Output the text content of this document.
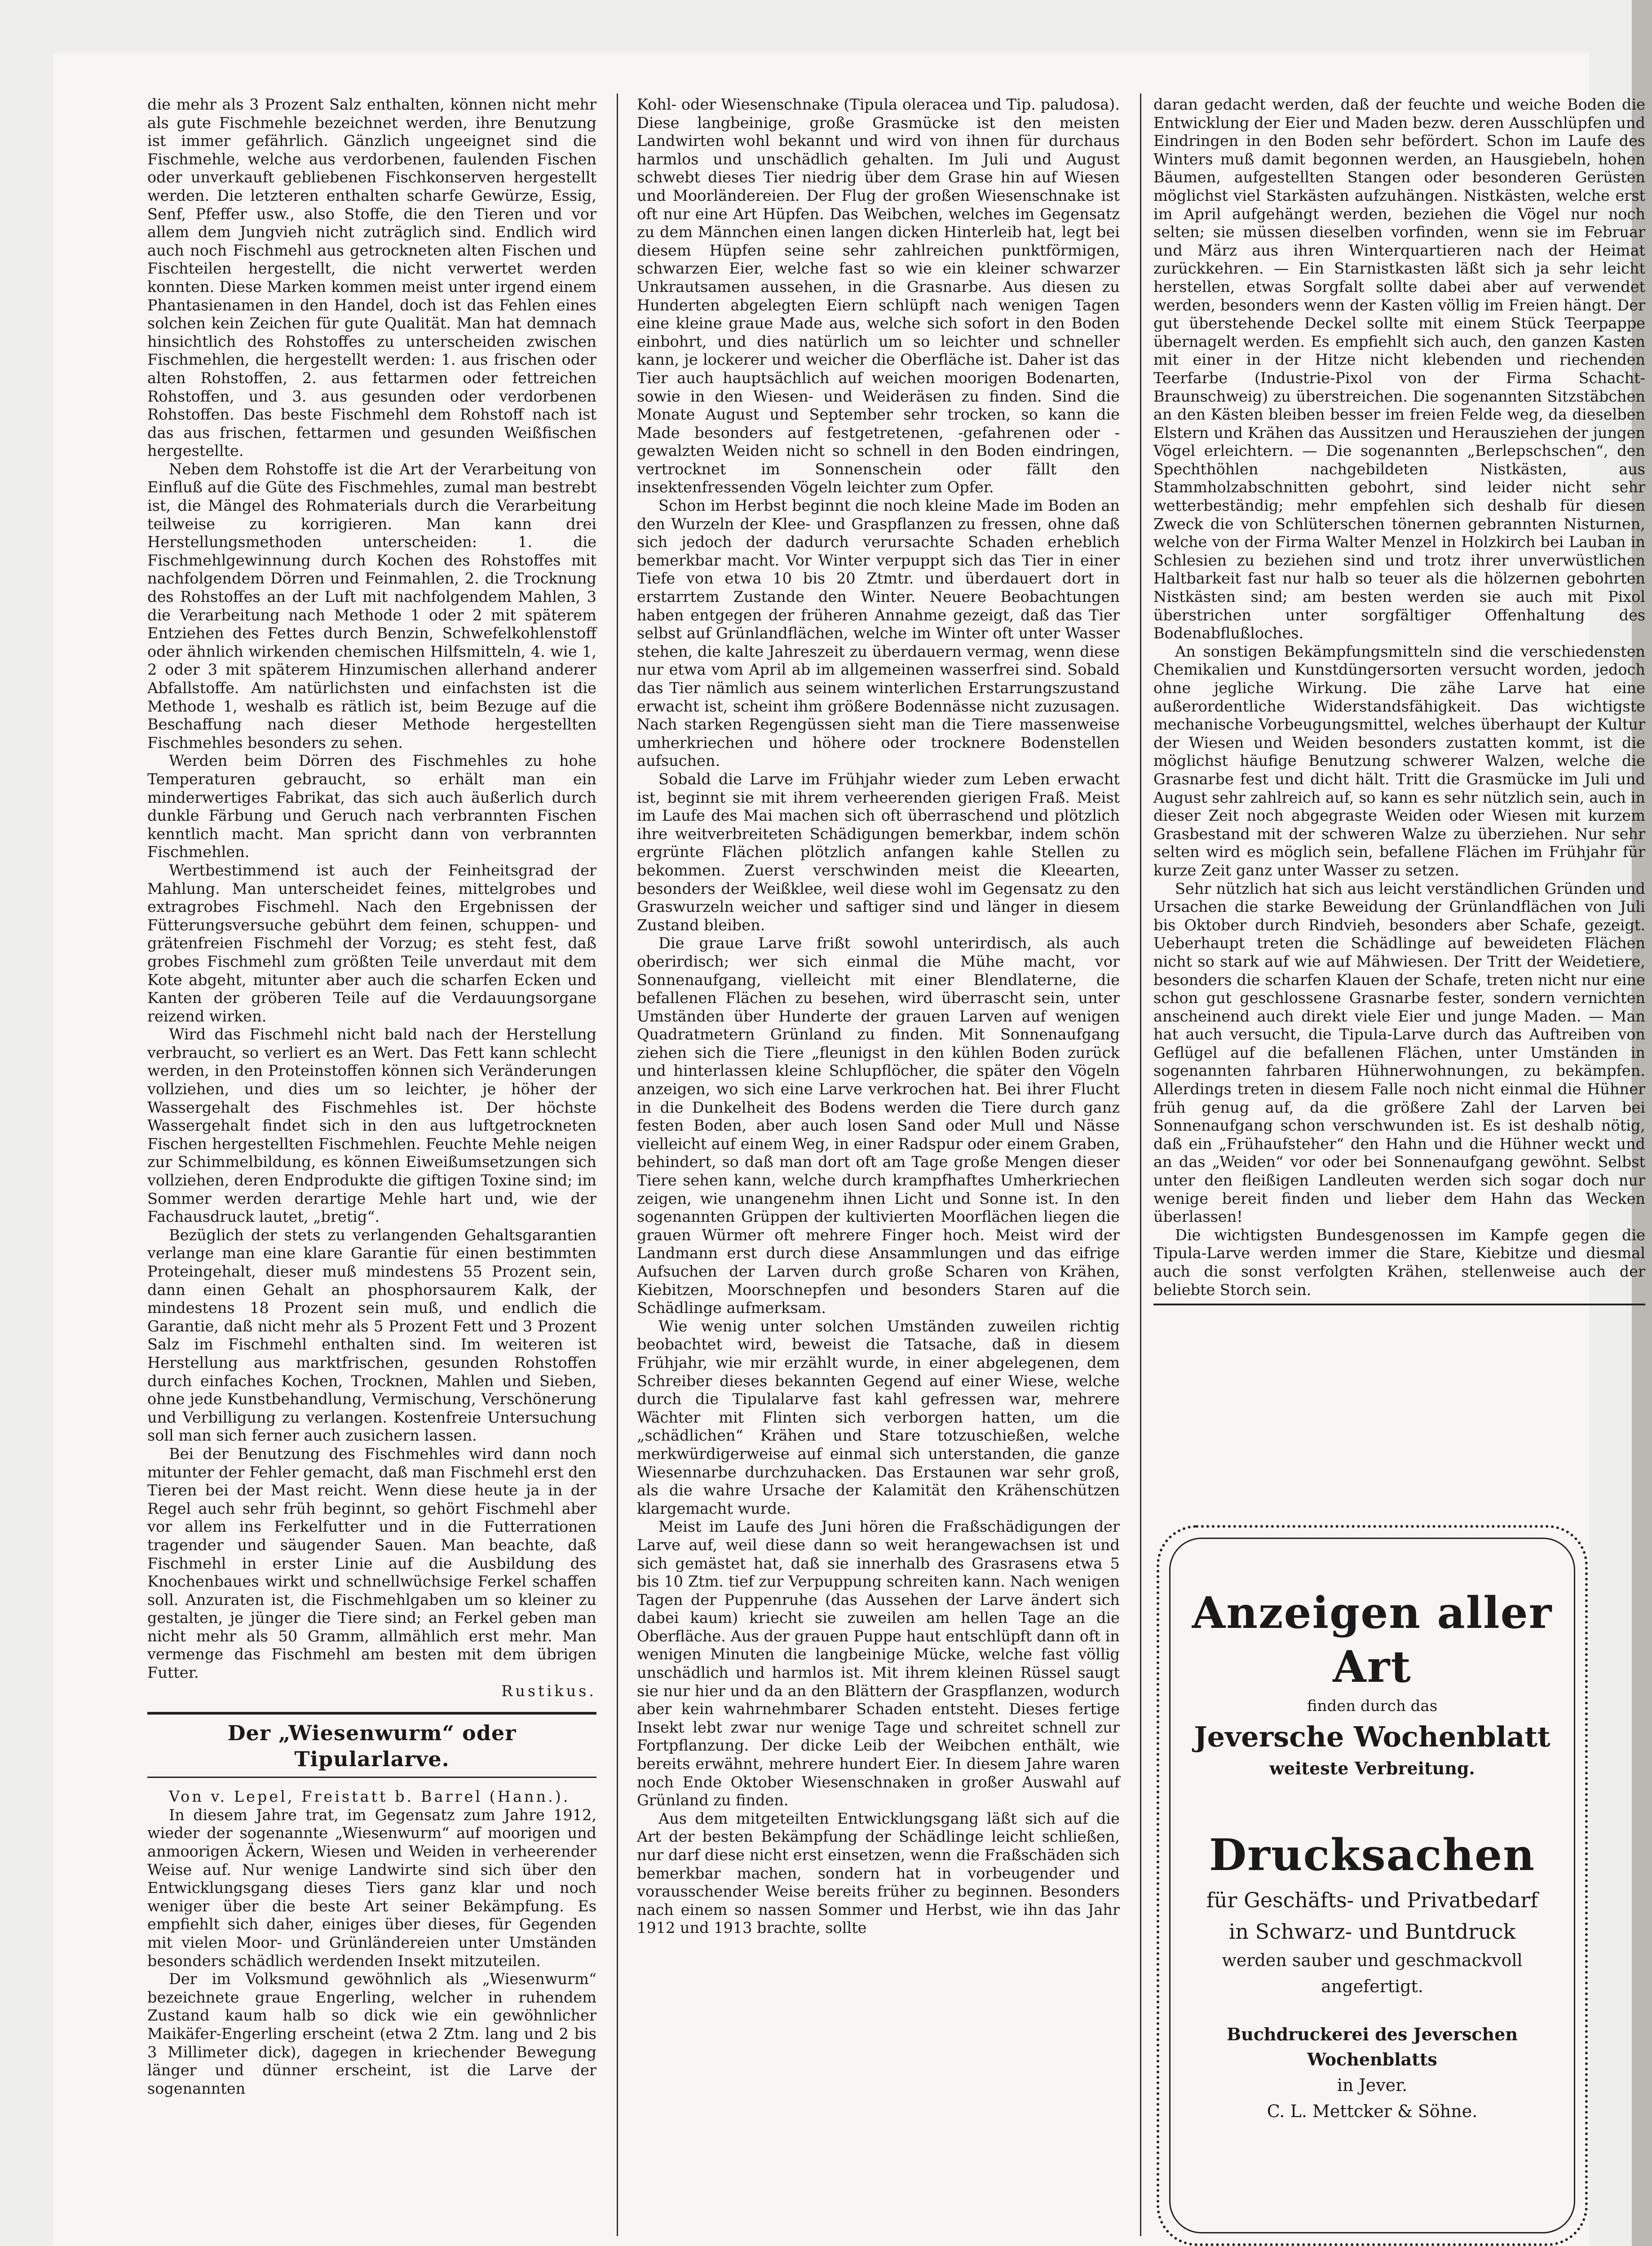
die mehr als 3 Prozent Salz enthalten, können nicht mehr als gute Fischmehle bezeichnet werden, ihre Benutzung ist immer gefährlich. Gänzlich ungeeignet sind die Fischmehle, welche aus verdorbenen, faulenden Fischen oder unverkauft gebliebenen Fischkonserven hergestellt werden. Die letzteren enthalten scharfe Gewürze, Essig, Senf, Pfeffer usw., also Stoffe, die den Tieren und vor allem dem Jungvieh nicht zuträglich sind. Endlich wird auch noch Fischmehl aus getrockneten alten Fischen und Fischteilen hergestellt, die nicht verwertet werden konnten. Diese Marken kommen meist unter irgend einem Phantasienamen in den Handel, doch ist das Fehlen eines solchen kein Zeichen für gute Qualität. Man hat demnach hinsichtlich des Rohstoffes zu unterscheiden zwischen Fischmehlen, die hergestellt werden: 1. aus frischen oder alten Rohstoffen, 2. aus fettarmen oder fettreichen Rohstoffen, und 3. aus gesunden oder verdorbenen Rohstoffen. Das beste Fischmehl dem Rohstoff nach ist das aus frischen, fettarmen und gesunden Weißfischen hergestellte.

Neben dem Rohstoffe ist die Art der Verarbeitung von Einfluß auf die Güte des Fischmehles, zumal man bestrebt ist, die Mängel des Rohmaterials durch die Verarbeitung teilweise zu korrigieren. Man kann drei Herstellungsmethoden unterscheiden: 1. die Fischmehlgewinnung durch Kochen des Rohstoffes mit nachfolgendem Dörren und Feinmahlen, 2. die Trocknung des Rohstoffes an der Luft mit nachfolgendem Mahlen, 3 die Verarbeitung nach Methode 1 oder 2 mit späterem Entziehen des Fettes durch Benzin, Schwefelkohlenstoff oder ähnlich wirkenden chemischen Hilfsmitteln, 4. wie 1, 2 oder 3 mit späterem Hinzumischen allerhand anderer Abfallstoffe. Am natürlichsten und einfachsten ist die Methode 1, weshalb es rätlich ist, beim Bezuge auf die Beschaffung nach dieser Methode hergestellten Fischmehles besonders zu sehen.

Werden beim Dörren des Fischmehles zu hohe Temperaturen gebraucht, so erhält man ein minderwertiges Fabrikat, das sich auch äußerlich durch dunkle Färbung und Geruch nach verbrannten Fischen kenntlich macht. Man spricht dann von verbrannten Fischmehlen.

Wertbestimmend ist auch der Feinheitsgrad der Mahlung. Man unterscheidet feines, mittelgrobes und extragrobes Fischmehl. Nach den Ergebnissen der Fütterungsversuche gebührt dem feinen, schuppen- und grätenfreien Fischmehl der Vorzug; es steht fest, daß grobes Fischmehl zum größten Teile unverdaut mit dem Kote abgeht, mitunter aber auch die scharfen Ecken und Kanten der gröberen Teile auf die Verdauungsorgane reizend wirken.

Wird das Fischmehl nicht bald nach der Herstellung verbraucht, so verliert es an Wert. Das Fett kann schlecht werden, in den Proteinstoffen können sich Veränderungen vollziehen, und dies um so leichter, je höher der Wassergehalt des Fischmehles ist. Der höchste Wassergehalt findet sich in den aus luftgetrockneten Fischen hergestellten Fischmehlen. Feuchte Mehle neigen zur Schimmelbildung, es können Eiweißumsetzungen sich vollziehen, deren Endprodukte die giftigen Toxine sind; im Sommer werden derartige Mehle hart und, wie der Fachausdruck lautet, „bretig“.

Bezüglich der stets zu verlangenden Gehaltsgarantien verlange man eine klare Garantie für einen bestimmten Proteingehalt, dieser muß mindestens 55 Prozent sein, dann einen Gehalt an phosphorsaurem Kalk, der mindestens 18 Prozent sein muß, und endlich die Garantie, daß nicht mehr als 5 Prozent Fett und 3 Prozent Salz im Fischmehl enthalten sind. Im weiteren ist Herstellung aus marktfrischen, gesunden Rohstoffen durch einfaches Kochen, Trocknen, Mahlen und Sieben, ohne jede Kunstbehandlung, Vermischung, Verschönerung und Verbilligung zu verlangen. Kostenfreie Untersuchung soll man sich ferner auch zusichern lassen.

Bei der Benutzung des Fischmehles wird dann noch mitunter der Fehler gemacht, daß man Fischmehl erst den Tieren bei der Mast reicht. Wenn diese heute ja in der Regel auch sehr früh beginnt, so gehört Fischmehl aber vor allem ins Ferkelfutter und in die Futterrationen tragender und säugender Sauen. Man beachte, daß Fischmehl in erster Linie auf die Ausbildung des Knochenbaues wirkt und schnellwüchsige Ferkel schaffen soll. Anzuraten ist, die Fischmehlgaben um so kleiner zu gestalten, je jünger die Tiere sind; an Ferkel geben man nicht mehr als 50 Gramm, allmählich erst mehr. Man vermenge das Fischmehl am besten mit dem übrigen Futter.

Rustikus.

Der „Wiesenwurm“ oder Tipularlarve.

Von v. Lepel, Freistatt b. Barrel (Hann.).

In diesem Jahre trat, im Gegensatz zum Jahre 1912, wieder der sogenannte „Wiesenwurm“ auf moorigen und anmoorigen Äckern, Wiesen und Weiden in verheerender Weise auf. Nur wenige Landwirte sind sich über den Entwicklungsgang dieses Tiers ganz klar und noch weniger über die beste Art seiner Bekämpfung. Es empfiehlt sich daher, einiges über dieses, für Gegenden mit vielen Moor- und Grünländereien unter Umständen besonders schädlich werdenden Insekt mitzuteilen.

Der im Volksmund gewöhnlich als „Wiesenwurm“ bezeichnete graue Engerling, welcher in ruhendem Zustand kaum halb so dick wie ein gewöhnlicher Maikäfer-Engerling erscheint (etwa 2 Ztm. lang und 2 bis 3 Millimeter dick), dagegen in kriechender Bewegung länger und dünner erscheint, ist die Larve der sogenannten

Kohl- oder Wiesenschnake (Tipula oleracea und Tip. paludosa). Diese langbeinige, große Grasmücke ist den meisten Landwirten wohl bekannt und wird von ihnen für durchaus harmlos und unschädlich gehalten. Im Juli und August schwebt dieses Tier niedrig über dem Grase hin auf Wiesen und Moorländereien. Der Flug der großen Wiesenschnake ist oft nur eine Art Hüpfen. Das Weibchen, welches im Gegensatz zu dem Männchen einen langen dicken Hinterleib hat, legt bei diesem Hüpfen seine sehr zahlreichen punktförmigen, schwarzen Eier, welche fast so wie ein kleiner schwarzer Unkrautsamen aussehen, in die Grasnarbe. Aus diesen zu Hunderten abgelegten Eiern schlüpft nach wenigen Tagen eine kleine graue Made aus, welche sich sofort in den Boden einbohrt, und dies natürlich um so leichter und schneller kann, je lockerer und weicher die Oberfläche ist. Daher ist das Tier auch hauptsächlich auf weichen moorigen Bodenarten, sowie in den Wiesen- und Weideräsen zu finden. Sind die Monate August und September sehr trocken, so kann die Made besonders auf festgetretenen, -gefahrenen oder -gewalzten Weiden nicht so schnell in den Boden eindringen, vertrocknet im Sonnenschein oder fällt den insektenfressenden Vögeln leichter zum Opfer.

Schon im Herbst beginnt die noch kleine Made im Boden an den Wurzeln der Klee- und Graspflanzen zu fressen, ohne daß sich jedoch der dadurch verursachte Schaden erheblich bemerkbar macht. Vor Winter verpuppt sich das Tier in einer Tiefe von etwa 10 bis 20 Ztmtr. und überdauert dort in erstarrtem Zustande den Winter. Neuere Beobachtungen haben entgegen der früheren Annahme gezeigt, daß das Tier selbst auf Grünlandflächen, welche im Winter oft unter Wasser stehen, die kalte Jahreszeit zu überdauern vermag, wenn diese nur etwa vom April ab im allgemeinen wasserfrei sind. Sobald das Tier nämlich aus seinem winterlichen Erstarrungszustand erwacht ist, scheint ihm größere Bodennässe nicht zuzusagen. Nach starken Regengüssen sieht man die Tiere massenweise umherkriechen und höhere oder trocknere Bodenstellen aufsuchen.

Sobald die Larve im Frühjahr wieder zum Leben erwacht ist, beginnt sie mit ihrem verheerenden gierigen Fraß. Meist im Laufe des Mai machen sich oft überraschend und plötzlich ihre weitverbreiteten Schädigungen bemerkbar, indem schön ergrünte Flächen plötzlich anfangen kahle Stellen zu bekommen. Zuerst verschwinden meist die Kleearten, besonders der Weißklee, weil diese wohl im Gegensatz zu den Graswurzeln weicher und saftiger sind und länger in diesem Zustand bleiben.

Die graue Larve frißt sowohl unterirdisch, als auch oberirdisch; wer sich einmal die Mühe macht, vor Sonnenaufgang, vielleicht mit einer Blendlaterne, die befallenen Flächen zu besehen, wird überrascht sein, unter Umständen über Hunderte der grauen Larven auf wenigen Quadratmetern Grünland zu finden. Mit Sonnenaufgang ziehen sich die Tiere „fleunigst in den kühlen Boden zurück und hinterlassen kleine Schlupflöcher, die später den Vögeln anzeigen, wo sich eine Larve verkrochen hat. Bei ihrer Flucht in die Dunkelheit des Bodens werden die Tiere durch ganz festen Boden, aber auch losen Sand oder Mull und Nässe vielleicht auf einem Weg, in einer Radspur oder einem Graben, behindert, so daß man dort oft am Tage große Mengen dieser Tiere sehen kann, welche durch krampfhaftes Umherkriechen zeigen, wie unangenehm ihnen Licht und Sonne ist. In den sogenannten Grüppen der kultivierten Moorflächen liegen die grauen Würmer oft mehrere Finger hoch. Meist wird der Landmann erst durch diese Ansammlungen und das eifrige Aufsuchen der Larven durch große Scharen von Krähen, Kiebitzen, Moorschnepfen und besonders Staren auf die Schädlinge aufmerksam.

Wie wenig unter solchen Umständen zuweilen richtig beobachtet wird, beweist die Tatsache, daß in diesem Frühjahr, wie mir erzählt wurde, in einer abgelegenen, dem Schreiber dieses bekannten Gegend auf einer Wiese, welche durch die Tipulalarve fast kahl gefressen war, mehrere Wächter mit Flinten sich verborgen hatten, um die „schädlichen“ Krähen und Stare totzuschießen, welche merkwürdigerweise auf einmal sich unterstanden, die ganze Wiesennarbe durchzuhacken. Das Erstaunen war sehr groß, als die wahre Ursache der Kalamität den Krähenschützen klargemacht wurde.

Meist im Laufe des Juni hören die Fraßschädigungen der Larve auf, weil diese dann so weit herangewachsen ist und sich gemästet hat, daß sie innerhalb des Grasrasens etwa 5 bis 10 Ztm. tief zur Verpuppung schreiten kann. Nach wenigen Tagen der Puppenruhe (das Aussehen der Larve ändert sich dabei kaum) kriecht sie zuweilen am hellen Tage an die Oberfläche. Aus der grauen Puppe haut entschlüpft dann oft in wenigen Minuten die langbeinige Mücke, welche fast völlig unschädlich und harmlos ist. Mit ihrem kleinen Rüssel saugt sie nur hier und da an den Blättern der Graspflanzen, wodurch aber kein wahrnehmbarer Schaden entsteht. Dieses fertige Insekt lebt zwar nur wenige Tage und schreitet schnell zur Fortpflanzung. Der dicke Leib der Weibchen enthält, wie bereits erwähnt, mehrere hundert Eier. In diesem Jahre waren noch Ende Oktober Wiesenschnaken in großer Auswahl auf Grünland zu finden.

Aus dem mitgeteilten Entwicklungsgang läßt sich auf die Art der besten Bekämpfung der Schädlinge leicht schließen, nur darf diese nicht erst einsetzen, wenn die Fraßschäden sich bemerkbar machen, sondern hat in vorbeugender und vorausschender Weise bereits früher zu beginnen. Besonders nach einem so nassen Sommer und Herbst, wie ihn das Jahr 1912 und 1913 brachte, sollte

daran gedacht werden, daß der feuchte und weiche Boden die Entwicklung der Eier und Maden bezw. deren Ausschlüpfen und Eindringen in den Boden sehr befördert. Schon im Laufe des Winters muß damit begonnen werden, an Hausgiebeln, hohen Bäumen, aufgestellten Stangen oder besonderen Gerüsten möglichst viel Starkästen aufzuhängen. Nistkästen, welche erst im April aufgehängt werden, beziehen die Vögel nur noch selten; sie müssen dieselben vorfinden, wenn sie im Februar und März aus ihren Winterquartieren nach der Heimat zurückkehren. — Ein Starnistkasten läßt sich ja sehr leicht herstellen, etwas Sorgfalt sollte dabei aber auf verwendet werden, besonders wenn der Kasten völlig im Freien hängt. Der gut überstehende Deckel sollte mit einem Stück Teerpappe übernagelt werden. Es empfiehlt sich auch, den ganzen Kasten mit einer in der Hitze nicht klebenden und riechenden Teerfarbe (Industrie-Pixol von der Firma Schacht-Braunschweig) zu überstreichen. Die sogenannten Sitzstäbchen an den Kästen bleiben besser im freien Felde weg, da dieselben Elstern und Krähen das Aussitzen und Herausziehen der jungen Vögel erleichtern. — Die sogenannten „Berlepschschen“, den Spechthöhlen nachgebildeten Nistkästen, aus Stammholzabschnitten gebohrt, sind leider nicht sehr wetterbeständig; mehr empfehlen sich deshalb für diesen Zweck die von Schlüterschen tönernen gebrannten Nisturnen, welche von der Firma Walter Menzel in Holzkirch bei Lauban in Schlesien zu beziehen sind und trotz ihrer unverwüstlichen Haltbarkeit fast nur halb so teuer als die hölzernen gebohrten Nistkästen sind; am besten werden sie auch mit Pixol überstrichen unter sorgfältiger Offenhaltung des Bodenabflußloches.

An sonstigen Bekämpfungsmitteln sind die verschiedensten Chemikalien und Kunstdüngersorten versucht worden, jedoch ohne jegliche Wirkung. Die zähe Larve hat eine außerordentliche Widerstandsfähigkeit. Das wichtigste mechanische Vorbeugungsmittel, welches überhaupt der Kultur der Wiesen und Weiden besonders zustatten kommt, ist die möglichst häufige Benutzung schwerer Walzen, welche die Grasnarbe fest und dicht hält. Tritt die Grasmücke im Juli und August sehr zahlreich auf, so kann es sehr nützlich sein, auch in dieser Zeit noch abgegraste Weiden oder Wiesen mit kurzem Grasbestand mit der schweren Walze zu überziehen. Nur sehr selten wird es möglich sein, befallene Flächen im Frühjahr für kurze Zeit ganz unter Wasser zu setzen.

Sehr nützlich hat sich aus leicht verständlichen Gründen und Ursachen die starke Beweidung der Grünlandflächen von Juli bis Oktober durch Rindvieh, besonders aber Schafe, gezeigt. Ueberhaupt treten die Schädlinge auf beweideten Flächen nicht so stark auf wie auf Mähwiesen. Der Tritt der Weidetiere, besonders die scharfen Klauen der Schafe, treten nicht nur eine schon gut geschlossene Grasnarbe fester, sondern vernichten anscheinend auch direkt viele Eier und junge Maden. — Man hat auch versucht, die Tipula-Larve durch das Auftreiben von Geflügel auf die befallenen Flächen, unter Umständen in sogenannten fahrbaren Hühnerwohnungen, zu bekämpfen. Allerdings treten in diesem Falle noch nicht einmal die Hühner früh genug auf, da die größere Zahl der Larven bei Sonnenaufgang schon verschwunden ist. Es ist deshalb nötig, daß ein „Frühaufsteher“ den Hahn und die Hühner weckt und an das „Weiden“ vor oder bei Sonnenaufgang gewöhnt. Selbst unter den fleißigen Landleuten werden sich sogar doch nur wenige bereit finden und lieber dem Hahn das Wecken überlassen!

Die wichtigsten Bundesgenossen im Kampfe gegen die Tipula-Larve werden immer die Stare, Kiebitze und diesmal auch die sonst verfolgten Krähen, stellenweise auch der beliebte Storch sein.

Anzeigen aller Art
finden durch das
Jeversche Wochenblatt
weiteste Verbreitung.
Drucksachen
für Geschäfts- und Privatbedarf
in Schwarz- und Buntdruck
werden sauber und geschmackvoll angefertigt.
Buchdruckerei des Jeverschen Wochenblatts
in Jever.
C. L. Mettcker & Söhne.
